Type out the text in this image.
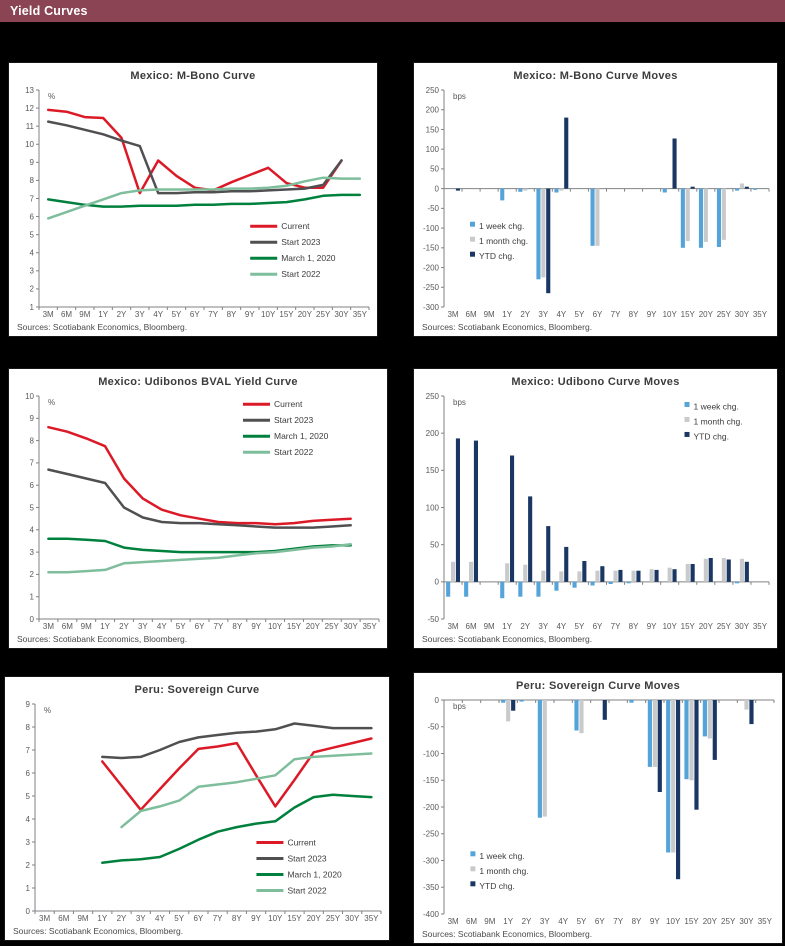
Yield Curves
Mexico: M-Bono Curve
13
12
11
10
9
8
7
6
5
4
3
2
1
3M 6M 9M 1Y 2Y 3Y 4Y 5Y 6Y 7Y 8Y 9Y 10Y 15Y 20Y 25Y 30Y 35Y
%
Current
Start 2023
March 1, 2020
Start 2022
Sources: Scotiabank Economics, Bloomberg.
Mexico: M-Bono Curve Moves
250
200
150
100
50
0
-50
-100
-150
-200
-250
-300
3M 6M 9M 1Y 2Y 3Y 4Y 5Y 6Y 7Y 8Y 9Y 10Y 15Y 20Y 25Y 30Y 35Y
bps
1 week chg.
1 month chg.
YTD chg.
Sources: Scotiabank Economics, Bloomberg.
Mexico: Udibonos BVAL Yield Curve
10
9
8
7
6
5
4
3
2
1
0
3M 6M 9M 1Y 2Y 3Y 4Y 5Y 6Y 7Y 8Y 9Y 10Y 15Y 20Y 25Y 30Y 35Y
%	Current
Start 2023
March 1, 2020
Start 2022
Sources: Scotiabank Economics, Bloomberg.
Mexico: Udibono Curve Moves
250
200
150
100
50
0
-50
3M 6M 9M 1Y 2Y 3Y 4Y 5Y 6Y 7Y 8Y 9Y 10Y 15Y 20Y 25Y 30Y 35Y
bps	1 week chg.
1 month chg.
YTD chg.
Sources: Scotiabank Economics, Bloomberg.
Peru: Sovereign Curve
9
8
7
6
5
4
3
2
1
0
3M 6M 9M 1Y 2Y 3Y 4Y 5Y 6Y 7Y 8Y 9Y 10Y 15Y 20Y 25Y 30Y 35Y
%
Current
Start 2023
March 1, 2020
Start 2022
Sources: Scotiabank Economics, Bloomberg.
Peru: Sovereign Curve Moves
0
-50
-100
-150
-200
-250
-300
-350
-400
3M 6M 9M 1Y 2Y 3Y 4Y 5Y 6Y 7Y 8Y 9Y 10Y 15Y 20Y 25Y 30Y 35Y
bps
1 week chg.
1 month chg.
YTD chg.
Sources: Scotiabank Economics, Bloomberg.
